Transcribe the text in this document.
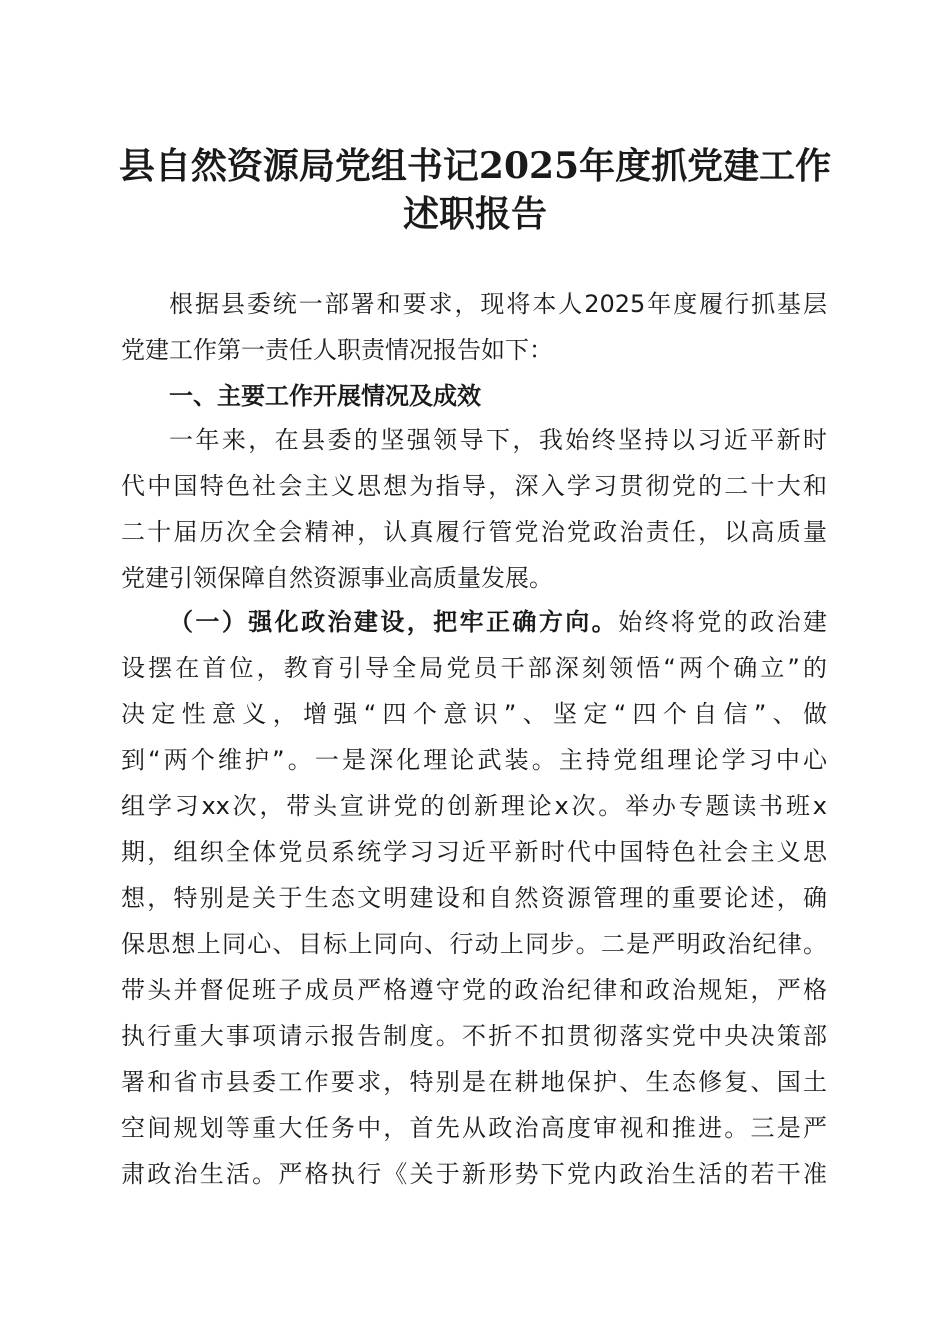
县自然资源局党组书记2025年度抓党建工作
述职报告
根据县委统一部署和要求，现将本人2025年度履行抓基层
党建工作第一责任人职责情况报告如下：
一、主要工作开展情况及成效
一年来，在县委的坚强领导下，我始终坚持以习近平新时
代中国特色社会主义思想为指导，深入学习贯彻党的二十大和
二十届历次全会精神，认真履行管党治党政治责任，以高质量
党建引领保障自然资源事业高质量发展。
（一）强化政治建设，把牢正确方向。始终将党的政治建
设摆在首位，教育引导全局党员干部深刻领悟“两个确立”的
决定性意义，增强“四个意识”、坚定“四个自信”、做
到“两个维护”。一是深化理论武装。主持党组理论学习中心
组学习xx次，带头宣讲党的创新理论x次。举办专题读书班x
期，组织全体党员系统学习习近平新时代中国特色社会主义思
想，特别是关于生态文明建设和自然资源管理的重要论述，确
保思想上同心、目标上同向、行动上同步。二是严明政治纪律。
带头并督促班子成员严格遵守党的政治纪律和政治规矩，严格
执行重大事项请示报告制度。不折不扣贯彻落实党中央决策部
署和省市县委工作要求，特别是在耕地保护、生态修复、国土
空间规划等重大任务中，首先从政治高度审视和推进。三是严
肃政治生活。严格执行《关于新形势下党内政治生活的若干准
